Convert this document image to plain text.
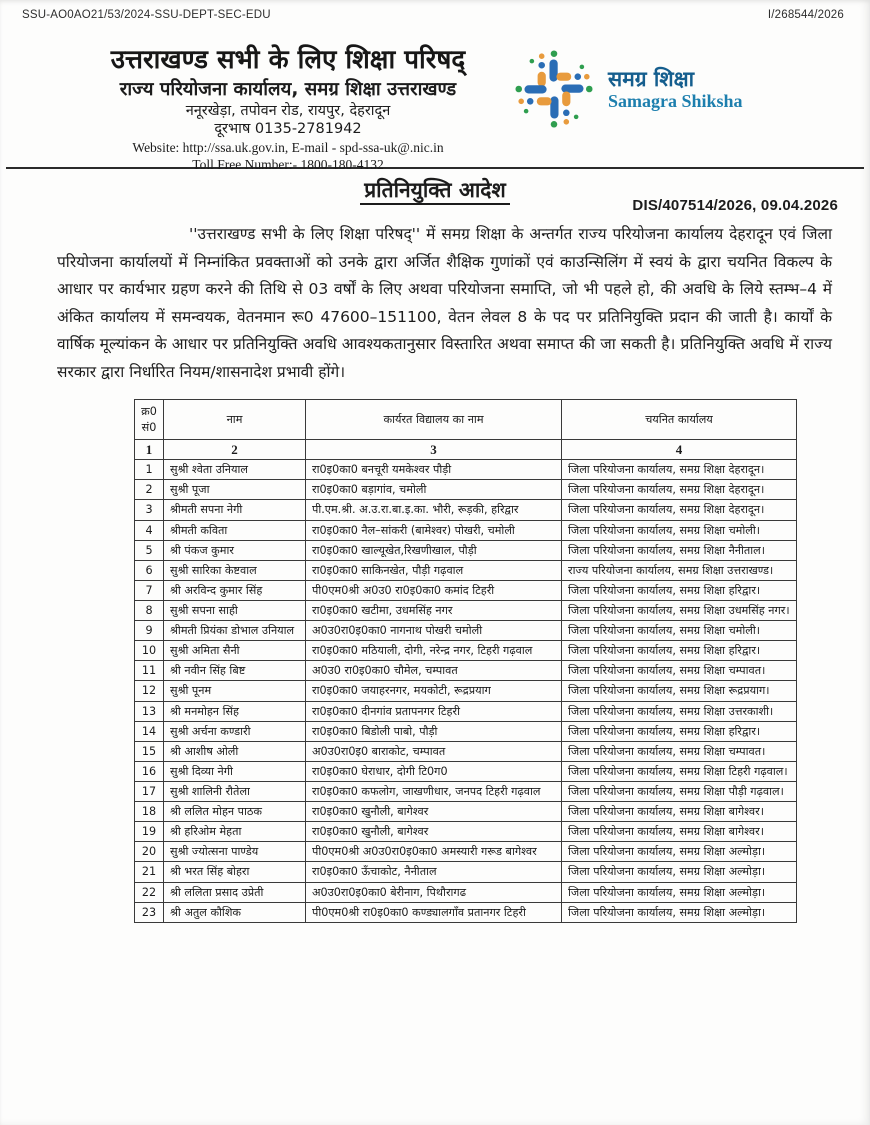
SSU-AO0AO21/53/2024-SSU-DEPT-SEC-EDU	I/268544/2026
उत्तराखण्ड सभी के लिए शिक्षा परिषद्
राज्य परियोजना कार्यालय, समग्र शिक्षा उत्तराखण्ड
ननूरखेड़ा, तपोवन रोड, रायपुर, देहरादून
दूरभाष 0135-2781942
Website: http://ssa.uk.gov.in, E-mail - spd-ssa-uk@.nic.in
Toll Free Number:- 1800-180-4132
समग्र शिक्षा
Samagra Shiksha
प्रतिनियुक्ति आदेश
DIS/407514/2026, 09.04.2026

''उत्तराखण्ड सभी के लिए शिक्षा परिषद्'' में समग्र शिक्षा के अन्तर्गत राज्य परियोजना कार्यालय देहरादून एवं जिला परियोजना कार्यालयों में निम्नांकित प्रवक्ताओं को उनके द्वारा अर्जित शैक्षिक गुणांकों एवं काउन्सिलिंग में स्वयं के द्वारा चयनित विकल्प के आधार पर कार्यभार ग्रहण करने की तिथि से 03 वर्षों के लिए अथवा परियोजना समाप्ति, जो भी पहले हो, की अवधि के लिये स्तम्भ–4 में अंकित कार्यालय में समन्वयक, वेतनमान रू0 47600–151100, वेतन लेवल 8 के पद पर प्रतिनियुक्ति प्रदान की जाती है। कार्यों के वार्षिक मूल्यांकन के आधार पर प्रतिनियुक्ति अवधि आवश्यकतानुसार विस्तारित अथवा समाप्त की जा सकती है। प्रतिनियुक्ति अवधि में राज्य सरकार द्वारा निर्धारित नियम/शासनादेश प्रभावी होंगे।

क्र0
सं0	नाम	कार्यरत विद्यालय का नाम	चयनित कार्यालय
1	2	3	4
1	सुश्री श्वेता उनियाल	रा0इ0का0 बनचूरी यमकेश्वर पौड़ी	जिला परियोजना कार्यालय, समग्र शिक्षा देहरादून।
2	सुश्री पूजा	रा0इ0का0 बड़ागांव, चमोली	जिला परियोजना कार्यालय, समग्र शिक्षा देहरादून।
3	श्रीमती सपना नेगी	पी.एम.श्री. अ.उ.रा.बा.इ.का. भौरी, रूड़की, हरिद्वार	जिला परियोजना कार्यालय, समग्र शिक्षा देहरादून।
4	श्रीमती कविता	रा0इ0का0 नैल–सांकरी (बामेश्वर) पोखरी, चमोली	जिला परियोजना कार्यालय, समग्र शिक्षा चमोली।
5	श्री पंकज कुमार	रा0इ0का0 खाल्यूखेत,रिखणीखाल, पौड़ी	जिला परियोजना कार्यालय, समग्र शिक्षा नैनीताल।
6	सुश्री सारिका केष्टवाल	रा0इ0का0 साकिनखेत, पौड़ी गढ़वाल	राज्य परियोजना कार्यालय, समग्र शिक्षा उत्तराखण्ड।
7	श्री अरविन्द कुमार सिंह	पी0एम0श्री अ0उ0 रा0इ0का0 कमांद टिहरी	जिला परियोजना कार्यालय, समग्र शिक्षा हरिद्वार।
8	सुश्री सपना साही	रा0इ0का0 खटीमा, उधमसिंह नगर	जिला परियोजना कार्यालय, समग्र शिक्षा उधमसिंह नगर।
9	श्रीमती प्रियंका डोभाल उनियाल	अ0उ0रा0इ0का0 नागनाथ पोखरी चमोली	जिला परियोजना कार्यालय, समग्र शिक्षा चमोली।
10	सुश्री अमिता सैनी	रा0इ0का0 मठियाली, दोगी, नरेन्द्र नगर, टिहरी गढ़वाल	जिला परियोजना कार्यालय, समग्र शिक्षा हरिद्वार।
11	श्री नवीन सिंह बिष्ट	अ0उ0 रा0इ0का0 चौमेल, चम्पावत	जिला परियोजना कार्यालय, समग्र शिक्षा चम्पावत।
12	सुश्री पूनम	रा0इ0का0 जयाहरनगर, मयकोटी, रूद्रप्रयाग	जिला परियोजना कार्यालय, समग्र शिक्षा रूद्रप्रयाग।
13	श्री मनमोहन सिंह	रा0इ0का0 दीनगांव प्रतापनगर टिहरी	जिला परियोजना कार्यालय, समग्र शिक्षा उत्तरकाशी।
14	सुश्री अर्चना कण्डारी	रा0इ0का0 बिडोली पाबो, पौड़ी	जिला परियोजना कार्यालय, समग्र शिक्षा हरिद्वार।
15	श्री आशीष ओली	अ0उ0रा0इ0 बाराकोट, चम्पावत	जिला परियोजना कार्यालय, समग्र शिक्षा चम्पावत।
16	सुश्री दिव्या नेगी	रा0इ0का0 घेराधार, दोगी टि0ग0	जिला परियोजना कार्यालय, समग्र शिक्षा टिहरी गढ़वाल।
17	सुश्री शालिनी रौतेला	रा0इ0का0 कफलोग, जाखणीधार, जनपद टिहरी गढ़वाल	जिला परियोजना कार्यालय, समग्र शिक्षा पौड़ी गढ़वाल।
18	श्री ललित मोहन पाठक	रा0इ0का0 खुनौली, बागेश्वर	जिला परियोजना कार्यालय, समग्र शिक्षा बागेश्वर।
19	श्री हरिओम मेहता	रा0इ0का0 खुनौली, बागेश्वर	जिला परियोजना कार्यालय, समग्र शिक्षा बागेश्वर।
20	सुश्री ज्योत्सना पाण्डेय	पी0एम0श्री अ0उ0रा0इ0का0 अमस्यारी गरूड बागेश्वर	जिला परियोजना कार्यालय, समग्र शिक्षा अल्मोड़ा।
21	श्री भरत सिंह बोहरा	रा0इ0का0 ऊँचाकोट, नैनीताल	जिला परियोजना कार्यालय, समग्र शिक्षा अल्मोड़ा।
22	श्री ललिता प्रसाद उप्रेती	अ0उ0रा0इ0का0 बेरीनाग, पिथौरागढ	जिला परियोजना कार्यालय, समग्र शिक्षा अल्मोड़ा।
23	श्री अतुल कौशिक	पी0एम0श्री रा0इ0का0 कण्ड्यालगाँव प्रतानगर टिहरी	जिला परियोजना कार्यालय, समग्र शिक्षा अल्मोड़ा।
